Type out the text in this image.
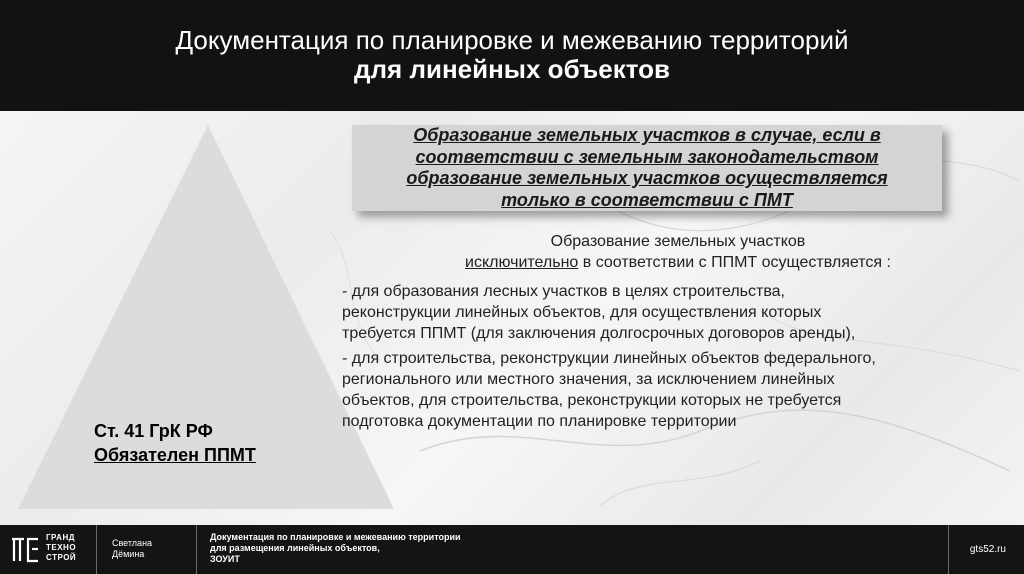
Документация по планировке и межеванию территорий
для линейных объектов
Ст. 41 ГрК РФ
Обязателен ППМТ
Образование земельных участков в случае, если в
соответствии с земельным законодательством
образование земельных участков осуществляется
только в соответствии с ПМТ
Образование земельных участков
исключительно в соответствии с ППМТ осуществляется :

- для образования лесных участков в целях строительства,
реконструкции линейных объектов, для осуществления которых
требуется ППМТ (для заключения долгосрочных договоров аренды),

- для строительства, реконструкции линейных объектов федерального,
регионального или местного значения, за исключением линейных
объектов, для строительства, реконструкции которых не требуется
подготовка документации по планировке территории

ГРАНД
ТЕХНО
СТРОЙ
Светлана
Дёмина
Документация по планировке и межеванию территории
для размещения линейных объектов,
ЗОУИТ
gts52.ru
